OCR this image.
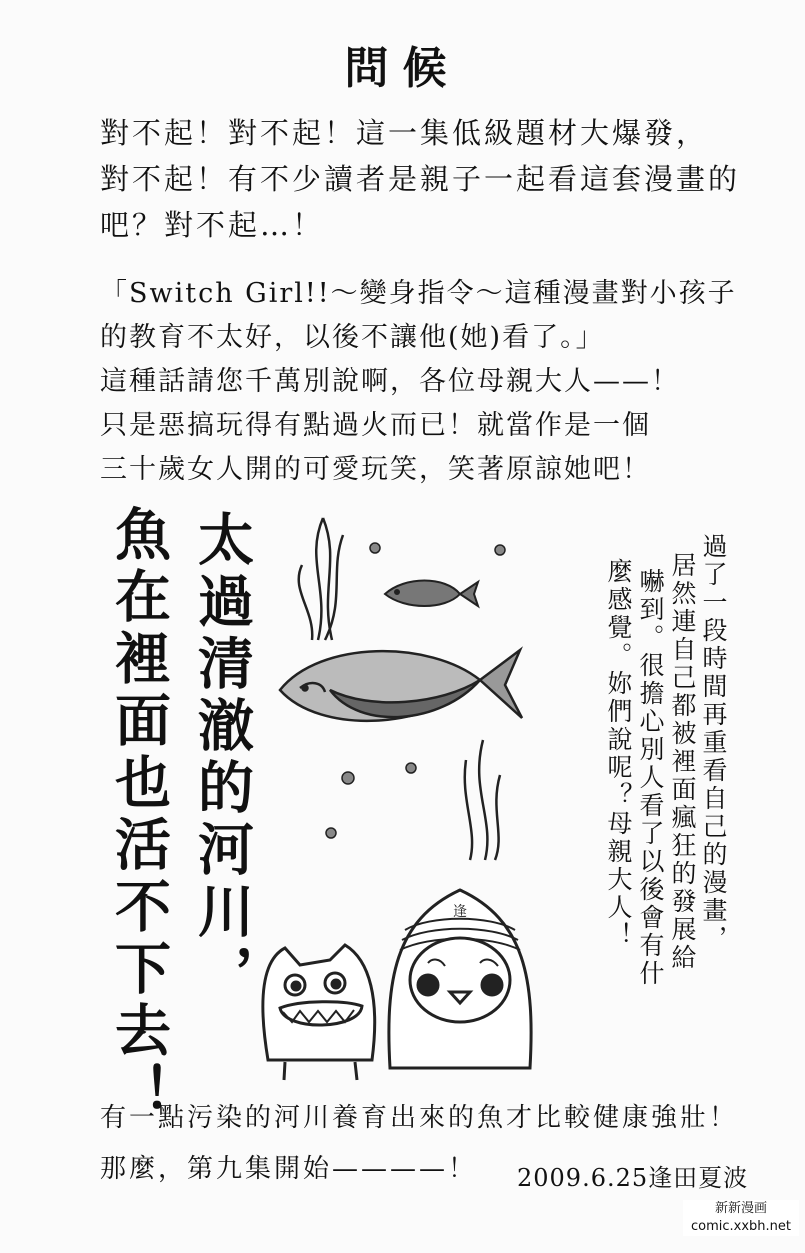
問候

對不起！對不起！這一集低級題材大爆發，

對不起！有不少讀者是親子一起看這套漫畫的

吧？對不起…！

「Switch Girl!!～變身指令～這種漫畫對小孩子

的教育不太好，以後不讓他(她)看了。」

這種話請您千萬別說啊，各位母親大人——！

只是惡搞玩得有點過火而已！就當作是一個

三十歲女人開的可愛玩笑，笑著原諒她吧！

逢
太過清澈的河川，
魚在裡面也活不下去！	過了一段時間再重看自己的漫畫，
居然連自己都被裡面瘋狂的發展給
嚇到。很擔心別人看了以後會有什
麼感覺。妳們說呢？母親大人！
有一點污染的河川養育出來的魚才比較健康強壯！
那麼，第九集開始————！ 2009.6.25逢田夏波
新新漫画
comic.xxbh.net
